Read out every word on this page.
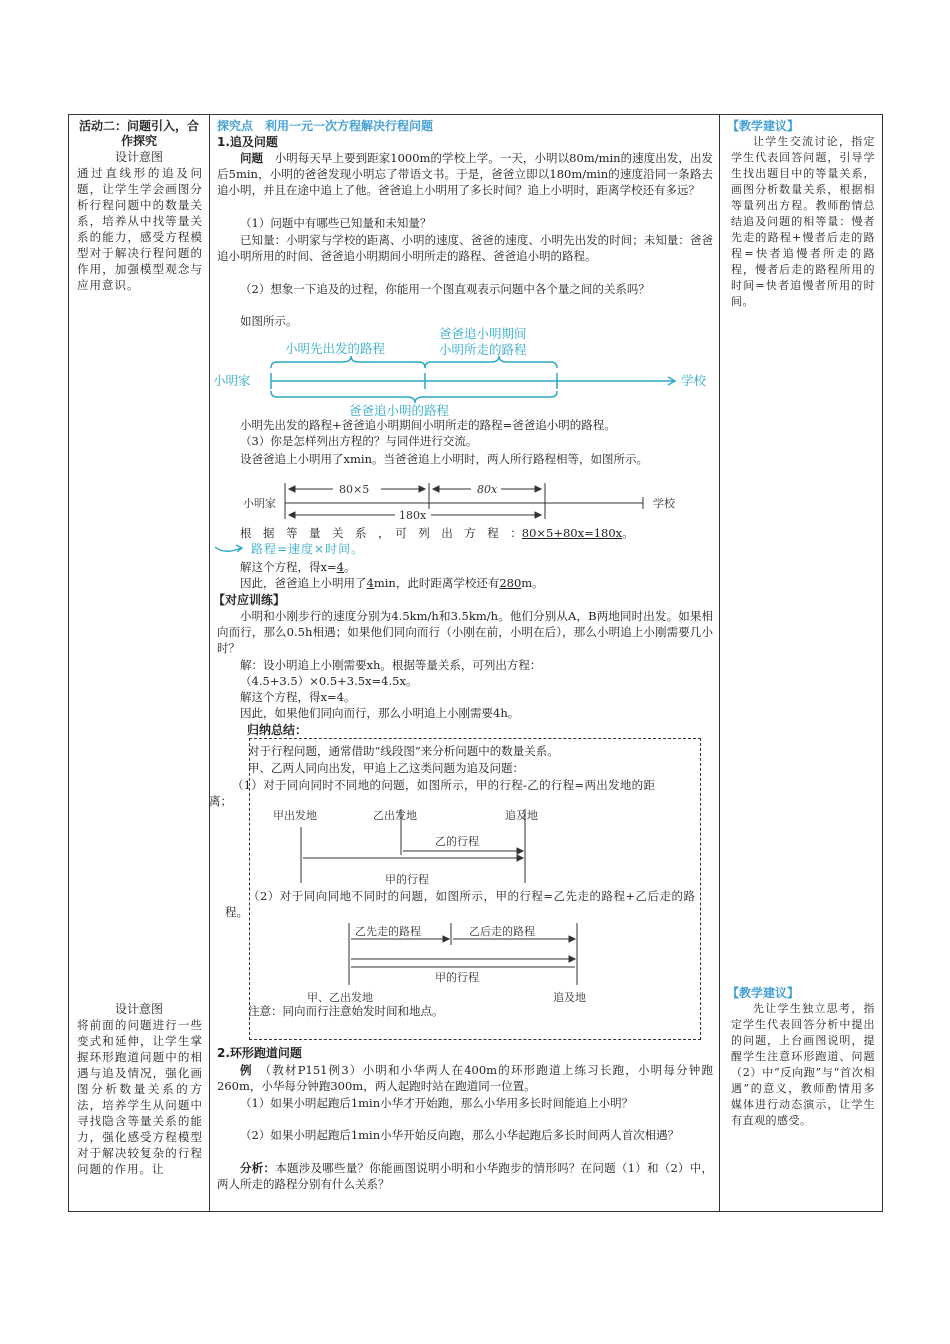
活动二：问题引入，合作探究
设计意图
通过直线形的追及问题，让学生学会画图分析行程问题中的数量关系，培养从中找等量关系的能力，感受方程模型对于解决行程问题的作用，加强模型观念与应用意识。
设计意图
将前面的问题进行一些变式和延伸，让学生掌握环形跑道问题中的相遇与追及情况，强化画图分析数量关系的方法，培养学生从问题中寻找隐含等量关系的能力，强化感受方程模型对于解决较复杂的行程问题的作用。让
探究点　利用一元一次方程解决行程问题
1.追及问题
问题　 小明每天早上要到距家1000m的学校上学。一天，小明以80m/min的速度出发，出发后5min，小明的爸爸发现小明忘了带语文书。于是，爸爸立即以180m/min的速度沿同一条路去追小明，并且在途中追上了他。爸爸追上小明用了多长时间？追上小明时，距离学校还有多远？
（1）问题中有哪些已知量和未知量？
已知量：小明家与学校的距离、小明的速度、爸爸的速度、小明先出发的时间；未知量：爸爸追小明所用的时间、爸爸追小明期间小明所走的路程、爸爸追小明的路程。
（2）想象一下追及的过程，你能用一个图直观表示问题中各个量之间的关系吗？
如图所示。
小明先出发的路程
爸爸追小明期间
小明所走的路程
小明家	学校
爸爸追小明的路程
小明先出发的路程+爸爸追小明期间小明所走的路程=爸爸追小明的路程。
（3）你是怎样列出方程的？与同伴进行交流。
设爸爸追上小明用了xmin。当爸爸追上小明时，两人所行路程相等，如图所示。
小明家	学校
80×5	80x
180x
根　据　等　量　关　系　，　可　列　出　方　程　：80×5+80x=180x。
路程=速度×时间。
解这个方程，得x=4。
因此，爸爸追上小明用了4min，此时距离学校还有280m。
【对应训练】
小明和小刚步行的速度分别为4.5km/h和3.5km/h。他们分别从A，B两地同时出发。如果相向而行，那么0.5h相遇；如果他们同向而行（小刚在前，小明在后），那么小明追上小刚需要几小时？
解：设小明追上小刚需要xh。根据等量关系，可列出方程：
（4.5+3.5）×0.5+3.5x=4.5x。
解这个方程，得x=4。
因此，如果他们同向而行，那么小明追上小刚需要4h。
归纳总结：
对于行程问题，通常借助“线段图”来分析问题中的数量关系。
甲、乙两人同向出发，甲追上乙这类问题为追及问题：
（1）对于同向同时不同地的问题，如图所示，甲的行程-乙的行程=两出发地的距离；
甲出发地	乙出发地	追及地
乙的行程
甲的行程
（2）对于同向同地不同时的问题，如图所示，甲的行程=乙先走的路程+乙后走的路程。
乙先走的路程	乙后走的路程
甲的行程
甲、乙出发地	追及地
注意：同向而行注意始发时间和地点。
2.环形跑道问题
例　 （教材P151例3）小明和小华两人在400m的环形跑道上练习长跑，小明每分钟跑260m，小华每分钟跑300m，两人起跑时站在跑道同一位置。
（1）如果小明起跑后1min小华才开始跑，那么小华用多长时间能追上小明？
（2）如果小明起跑后1min小华开始反向跑，那么小华起跑后多长时间两人首次相遇？
分析：本题涉及哪些量？你能画图说明小明和小华跑步的情形吗？在问题（1）和（2）中，两人所走的路程分别有什么关系？
【教学建议】
让学生交流讨论，指定学生代表回答问题，引导学生找出题目中的等量关系，画图分析数量关系，根据相等量列出方程。教师酌情总结追及问题的相等量：慢者先走的路程+慢者后走的路程=快者追慢者所走的路程，慢者后走的路程所用的时间=快者追慢者所用的时间。
【教学建议】
先让学生独立思考，指定学生代表回答分析中提出的问题，上台画图说明，提醒学生注意环形跑道、问题（2）中“反向跑”与“首次相遇”的意义，教师酌情用多媒体进行动态演示，让学生有直观的感受。
